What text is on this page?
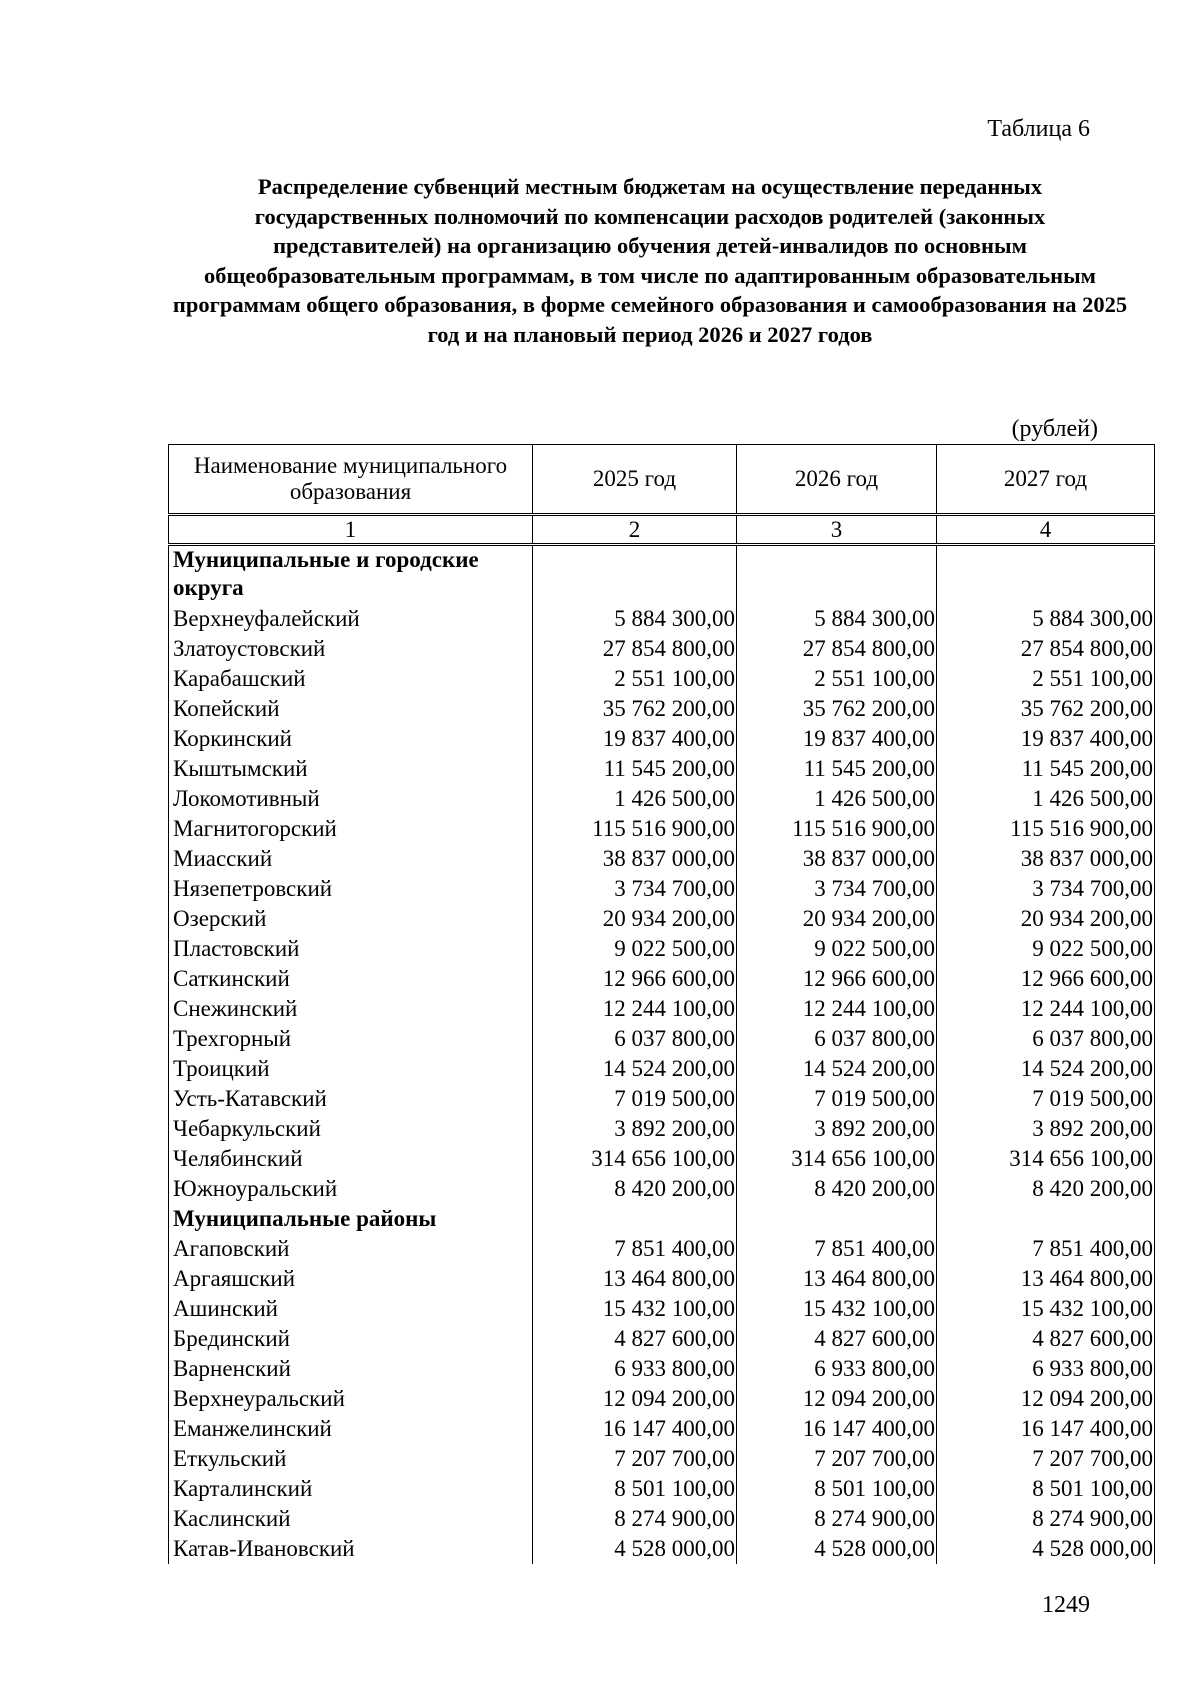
Таблица 6
Распределение субвенций местным бюджетам на осуществление переданных государственных полномочий по компенсации расходов родителей (законных представителей) на организацию обучения детей-инвалидов по основным общеобразовательным программам, в том числе по адаптированным образовательным программам общего образования, в форме семейного образования и самообразования на 2025 год и на плановый период 2026 и 2027 годов
(рублей)
Наименование муниципального образования	2025 год	2026 год	2027 год
1	2	3	4
Муниципальные и городские округа			
Верхнеуфалейский	5 884 300,00	5 884 300,00	5 884 300,00
Златоустовский	27 854 800,00	27 854 800,00	27 854 800,00
Карабашский	2 551 100,00	2 551 100,00	2 551 100,00
Копейский	35 762 200,00	35 762 200,00	35 762 200,00
Коркинский	19 837 400,00	19 837 400,00	19 837 400,00
Кыштымский	11 545 200,00	11 545 200,00	11 545 200,00
Локомотивный	1 426 500,00	1 426 500,00	1 426 500,00
Магнитогорский	115 516 900,00	115 516 900,00	115 516 900,00
Миасский	38 837 000,00	38 837 000,00	38 837 000,00
Нязепетровский	3 734 700,00	3 734 700,00	3 734 700,00
Озерский	20 934 200,00	20 934 200,00	20 934 200,00
Пластовский	9 022 500,00	9 022 500,00	9 022 500,00
Саткинский	12 966 600,00	12 966 600,00	12 966 600,00
Снежинский	12 244 100,00	12 244 100,00	12 244 100,00
Трехгорный	6 037 800,00	6 037 800,00	6 037 800,00
Троицкий	14 524 200,00	14 524 200,00	14 524 200,00
Усть-Катавский	7 019 500,00	7 019 500,00	7 019 500,00
Чебаркульский	3 892 200,00	3 892 200,00	3 892 200,00
Челябинский	314 656 100,00	314 656 100,00	314 656 100,00
Южноуральский	8 420 200,00	8 420 200,00	8 420 200,00
Муниципальные районы			
Агаповский	7 851 400,00	7 851 400,00	7 851 400,00
Аргаяшский	13 464 800,00	13 464 800,00	13 464 800,00
Ашинский	15 432 100,00	15 432 100,00	15 432 100,00
Брединский	4 827 600,00	4 827 600,00	4 827 600,00
Варненский	6 933 800,00	6 933 800,00	6 933 800,00
Верхнеуральский	12 094 200,00	12 094 200,00	12 094 200,00
Еманжелинский	16 147 400,00	16 147 400,00	16 147 400,00
Еткульский	7 207 700,00	7 207 700,00	7 207 700,00
Карталинский	8 501 100,00	8 501 100,00	8 501 100,00
Каслинский	8 274 900,00	8 274 900,00	8 274 900,00
Катав-Ивановский	4 528 000,00	4 528 000,00	4 528 000,00
1249
